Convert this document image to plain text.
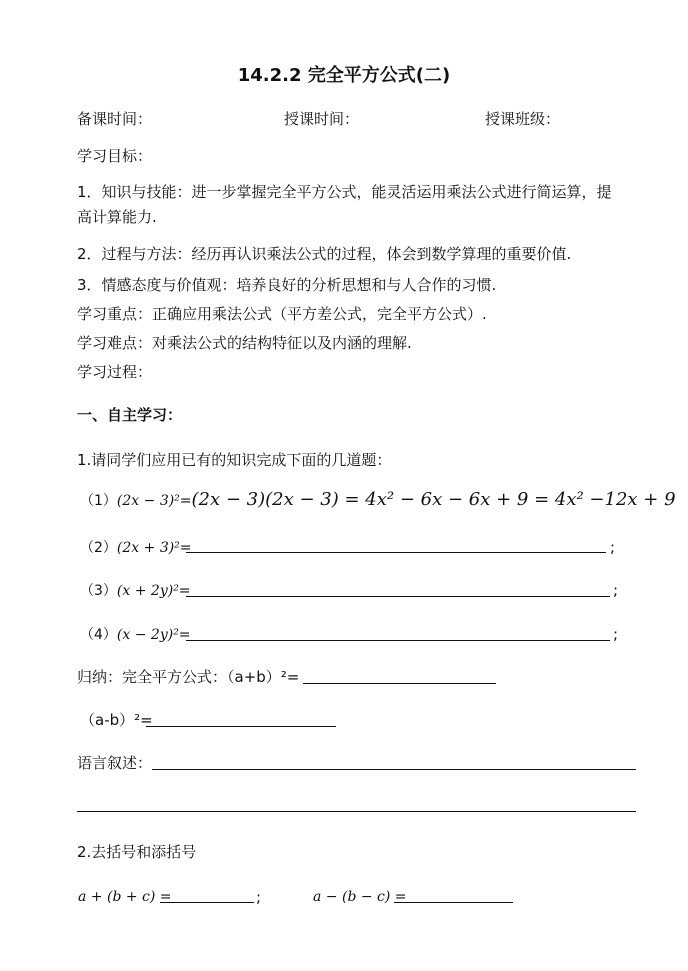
14.2.2 完全平方公式(二)
备课时间：	授课时间：	授课班级：
学习目标：
1．知识与技能：进一步掌握完全平方公式，能灵活运用乘法公式进行简运算，提
高计算能力.
2．过程与方法：经历再认识乘法公式的过程，体会到数学算理的重要价值.
3．情感态度与价值观：培养良好的分析思想和与人合作的习惯.
学习重点：正确应用乘法公式（平方差公式，完全平方公式）.
学习难点：对乘法公式的结构特征以及内涵的理解.
学习过程：
一、自主学习：
1.请同学们应用已有的知识完成下面的几道题：
（1）(2x − 3)²=(2x − 3)(2x − 3) = 4x² − 6x − 6x + 9 = 4x² −12x + 9
（2）(2x + 3)²=	;
（3）(x + 2y)²=	;
（4）(x − 2y)²=	;
归纳：完全平方公式：（a+b）²=
（a-b）²=
语言叙述：
2.去括号和添括号
a + (b + c) =	;	a − (b − c) =
